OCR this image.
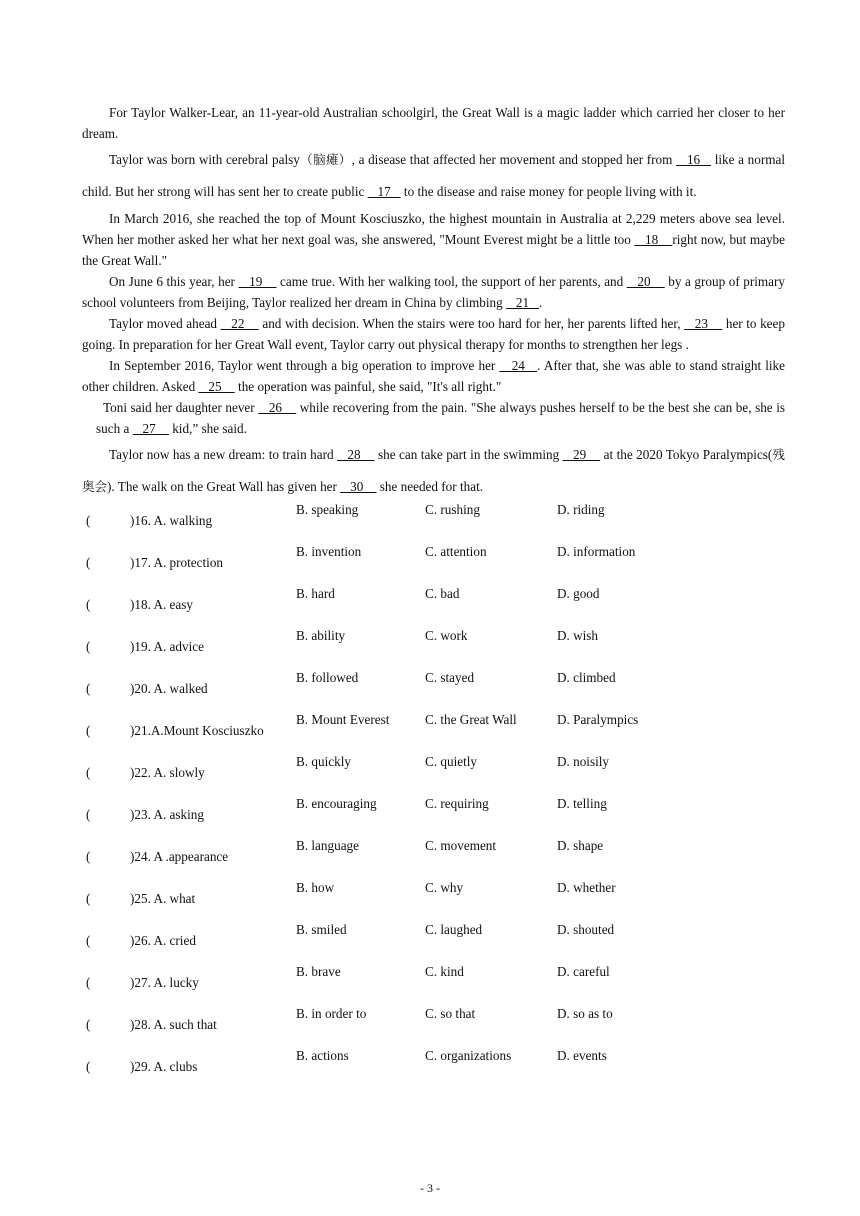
For Taylor Walker-Lear, an 11-year-old Australian schoolgirl, the Great Wall is a magic ladder which carried her closer to her dream.

Taylor was born with cerebral palsy（脑瘫）, a disease that affected her movement and stopped her from    16    like a normal child. But her strong will has sent her to create public    17    to the disease and raise money for people living with it.

In March 2016, she reached the top of Mount Kosciuszko, the highest mountain in Australia at 2,229 meters above sea level. When her mother asked her what her next goal was, she answered, "Mount Everest might be a little too    18    right now, but maybe the Great Wall."

On June 6 this year, her    19     came true. With her walking tool, the support of her parents, and    20     by a group of primary school volunteers from Beijing, Taylor realized her dream in China by climbing    21   .

Taylor moved ahead    22     and with decision. When the stairs were too hard for her, her parents lifted her,    23     her to keep going. In preparation for her Great Wall event, Taylor carry out physical therapy for months to strengthen her legs .

In September 2016, Taylor went through a big operation to improve her    24   . After that, she was able to stand straight like other children. Asked    25     the operation was painful, she said, "It's all right."

Toni said her daughter never    26     while recovering from the pain. "She always pushes herself to be the best she can be, she is such a    27     kid,” she said.

Taylor now has a new dream: to train hard    28     she can take part in the swimming    29     at the 2020 Tokyo Paralympics(残奥会). The walk on the Great Wall has given her    30     she needed for that.

(	)16. A. walking
B. speaking	C. rushing	D. riding
(	)17. A. protection
B. invention	C. attention	D. information
(	)18. A. easy
B. hard	C. bad	D. good
(	)19. A. advice
B. ability	C. work	D. wish
(	)20. A. walked
B. followed	C. stayed	D. climbed
(	)21.A.Mount Kosciuszko
B. Mount Everest	C. the Great Wall	D. Paralympics
(	)22. A. slowly
B. quickly	C. quietly	D. noisily
(	)23. A. asking
B. encouraging	C. requiring	D. telling
(	)24. A .appearance
B. language	C. movement	D. shape
(	)25. A. what
B. how	C. why	D. whether
(	)26. A. cried
B. smiled	C. laughed	D. shouted
(	)27. A. lucky
B. brave	C. kind	D. careful
(	)28. A. such that
B. in order to	C. so that	D. so as to
(	)29. A. clubs
B. actions	C. organizations	D. events
- 3 -
